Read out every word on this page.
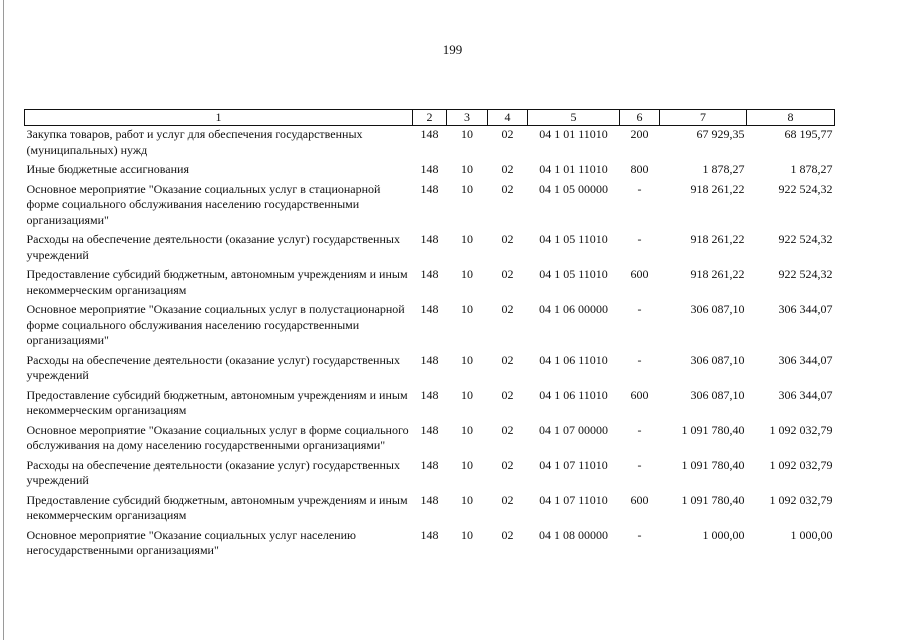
199
1	2	3	4	5	6	7	8
Закупка товаров, работ и услуг для обеспечения государственных (муниципальных) нужд	148	10	02	04 1 01 11010	200	67 929,35	68 195,77
Иные бюджетные ассигнования	148	10	02	04 1 01 11010	800	1 878,27	1 878,27
Основное мероприятие "Оказание социальных услуг в стационарной форме социального обслуживания населению государственными организациями"	148	10	02	04 1 05 00000	-	918 261,22	922 524,32
Расходы на обеспечение деятельности (оказание услуг) государственных учреждений	148	10	02	04 1 05 11010	-	918 261,22	922 524,32
Предоставление субсидий бюджетным, автономным учреждениям и иным некоммерческим организациям	148	10	02	04 1 05 11010	600	918 261,22	922 524,32
Основное мероприятие "Оказание социальных услуг в полустационарной форме социального обслуживания населению государственными организациями"	148	10	02	04 1 06 00000	-	306 087,10	306 344,07
Расходы на обеспечение деятельности (оказание услуг) государственных учреждений	148	10	02	04 1 06 11010	-	306 087,10	306 344,07
Предоставление субсидий бюджетным, автономным учреждениям и иным некоммерческим организациям	148	10	02	04 1 06 11010	600	306 087,10	306 344,07
Основное мероприятие "Оказание социальных услуг в форме социального обслуживания на дому населению государственными организациями"	148	10	02	04 1 07 00000	-	1 091 780,40	1 092 032,79
Расходы на обеспечение деятельности (оказание услуг) государственных учреждений	148	10	02	04 1 07 11010	-	1 091 780,40	1 092 032,79
Предоставление субсидий бюджетным, автономным учреждениям и иным некоммерческим организациям	148	10	02	04 1 07 11010	600	1 091 780,40	1 092 032,79
Основное мероприятие "Оказание социальных услуг населению негосударственными организациями"	148	10	02	04 1 08 00000	-	1 000,00	1 000,00
